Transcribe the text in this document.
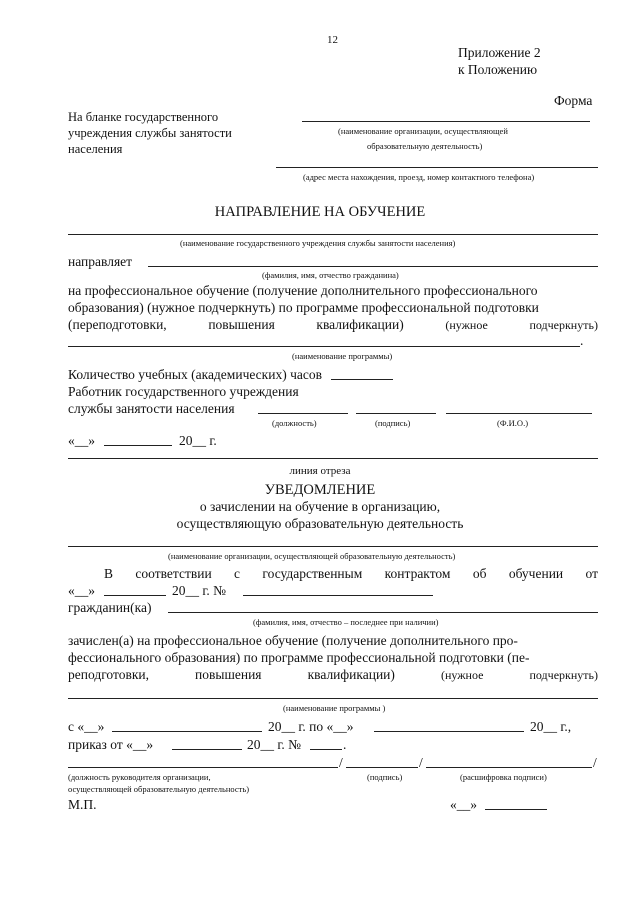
12
Приложение 2
к Положению
Форма
На бланке государственного
учреждения службы занятости
населения
(наименование организации, осуществляющей
образовательную деятельность)
(адрес места нахождения, проезд, номер контактного телефона)
НАПРАВЛЕНИЕ НА ОБУЧЕНИЕ
(наименование государственного учреждения службы занятости населения)
направляет
(фамилия, имя, отчество гражданина)
на профессиональное обучение (получение дополнительного профессионального
образования) (нужное подчеркнуть) по программе профессиональной подготовки
(переподготовки,	повышения	квалификации)	(нужное	подчеркнуть)
.
(наименование программы)
Количество учебных (академических) часов
Работник государственного учреждения
службы занятости населения
(должность)	(подпись)	(Ф.И.О.)
«__»	20__ г.
линия отреза
УВЕДОМЛЕНИЕ
о зачислении на обучение в организацию,
осуществляющую образовательную деятельность
(наименование организации, осуществляющей образовательную деятельность)
В соответствии с государственным контрактом об обучении от
«__»	20__ г. №
гражданин(ка)
(фамилия, имя, отчество – последнее при наличии)
зачислен(а) на профессиональное обучение (получение дополнительного про-
фессионального образования) по программе профессиональной подготовки (пе-
реподготовки,	повышения	квалификации)	(нужное	подчеркнуть)
(наименование программы )
с «__»	20__ г. по «__»	20__ г.,
приказ от «__»	20__ г. №	.
/	/	/
(должность руководителя организации,
осуществляющей образовательную деятельность)
(подпись)	(расшифровка подписи)
М.П.	«__»
